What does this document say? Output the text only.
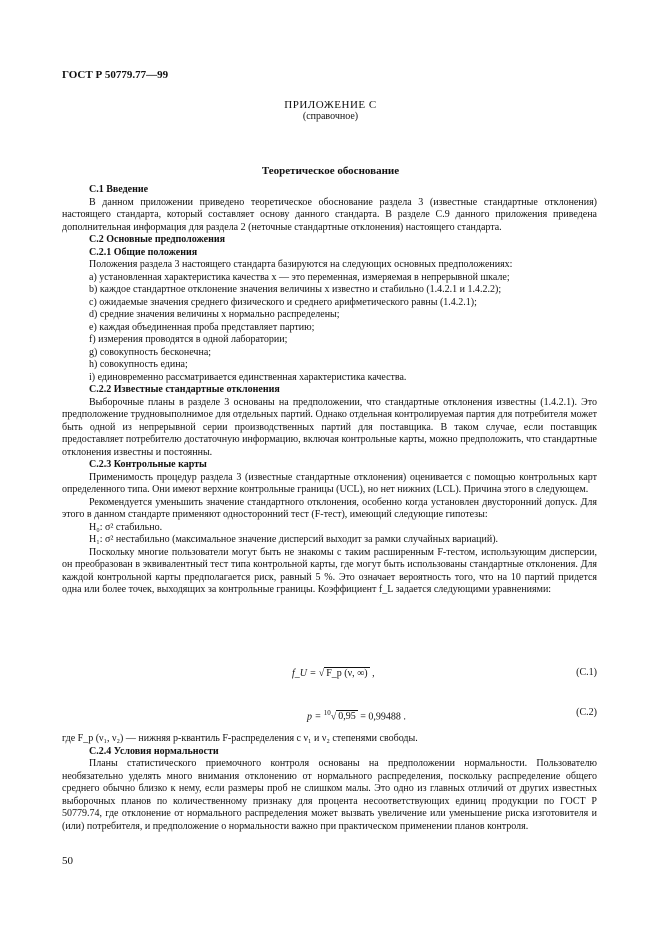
ГОСТ Р 50779.77—99
ПРИЛОЖЕНИЕ С
(справочное)
Теоретическое обоснование

С.1 Введение

В данном приложении приведено теоретическое обоснование раздела 3 (известные стандартные отклонения) настоящего стандарта, который составляет основу данного стандарта. В разделе С.9 данного приложения приведена дополнительная информация для раздела 2 (неточные стандартные отклонения) настоящего стандарта.

С.2 Основные предположения

С.2.1 Общие положения

Положения раздела 3 настоящего стандарта базируются на следующих основных предположениях:

a) установленная характеристика качества x — это переменная, измеряемая в непрерывной шкале;

b) каждое стандартное отклонение значения величины x известно и стабильно (1.4.2.1 и 1.4.2.2);

c) ожидаемые значения среднего физического и среднего арифметического равны (1.4.2.1);

d) средние значения величины x нормально распределены;

e) каждая объединенная проба представляет партию;

f) измерения проводятся в одной лаборатории;

g) совокупность бесконечна;

h) совокупность едина;

i) единовременно рассматривается единственная характеристика качества.

С.2.2 Известные стандартные отклонения

Выборочные планы в разделе 3 основаны на предположении, что стандартные отклонения известны (1.4.2.1). Это предположение трудновыполнимое для отдельных партий. Однако отдельная контролируемая партия для потребителя может быть одной из непрерывной серии производственных партий для поставщика. В таком случае, если поставщик предоставляет потребителю достаточную информацию, включая контрольные карты, можно предположить, что стандартные отклонения известны и постоянны.

С.2.3 Контрольные карты

Применимость процедур раздела 3 (известные стандартные отклонения) оценивается с помощью контрольных карт определенного типа. Они имеют верхние контрольные границы (UCL), но нет нижних (LCL). Причина этого в следующем.

Рекомендуется уменьшить значение стандартного отклонения, особенно когда установлен двусторонний допуск. Для этого в данном стандарте применяют односторонний тест (F-тест), имеющий следующие гипотезы:

H₀: σ² стабильно.

H₁: σ² нестабильно (максимальное значение дисперсий выходит за рамки случайных вариаций).

Поскольку многие пользователи могут быть не знакомы с таким расширенным F-тестом, использующим дисперсии, он преобразован в эквивалентный тест типа контрольной карты, где могут быть использованы стандартные отклонения. Для каждой контрольной карты предполагается риск, равный 5 %. Это означает вероятность того, что на 10 партий придется одна или более точек, выходящих за контрольные границы. Коэффициент f_L задается следующими уравнениями:

f_U = √ F_p (ν, ∞) ,	(С.1)
p = $^{10}$√ 0,95 = 0,99488 .	(С.2)

где F_p (ν₁, ν₂) — нижняя p-квантиль F-распределения с ν₁ и ν₂ степенями свободы.

С.2.4 Условия нормальности

Планы статистического приемочного контроля основаны на предположении нормальности. Пользователю необязательно уделять много внимания отклонению от нормального распределения, поскольку распределение общего среднего обычно близко к нему, если размеры проб не слишком малы. Это одно из главных отличий от других известных выборочных планов по количественному признаку для процента несоответствующих единиц продукции по ГОСТ Р 50779.74, где отклонение от нормального распределения может вызвать увеличение или уменьшение риска изготовителя и (или) потребителя, и предположение о нормальности важно при практическом применении планов контроля.

50
